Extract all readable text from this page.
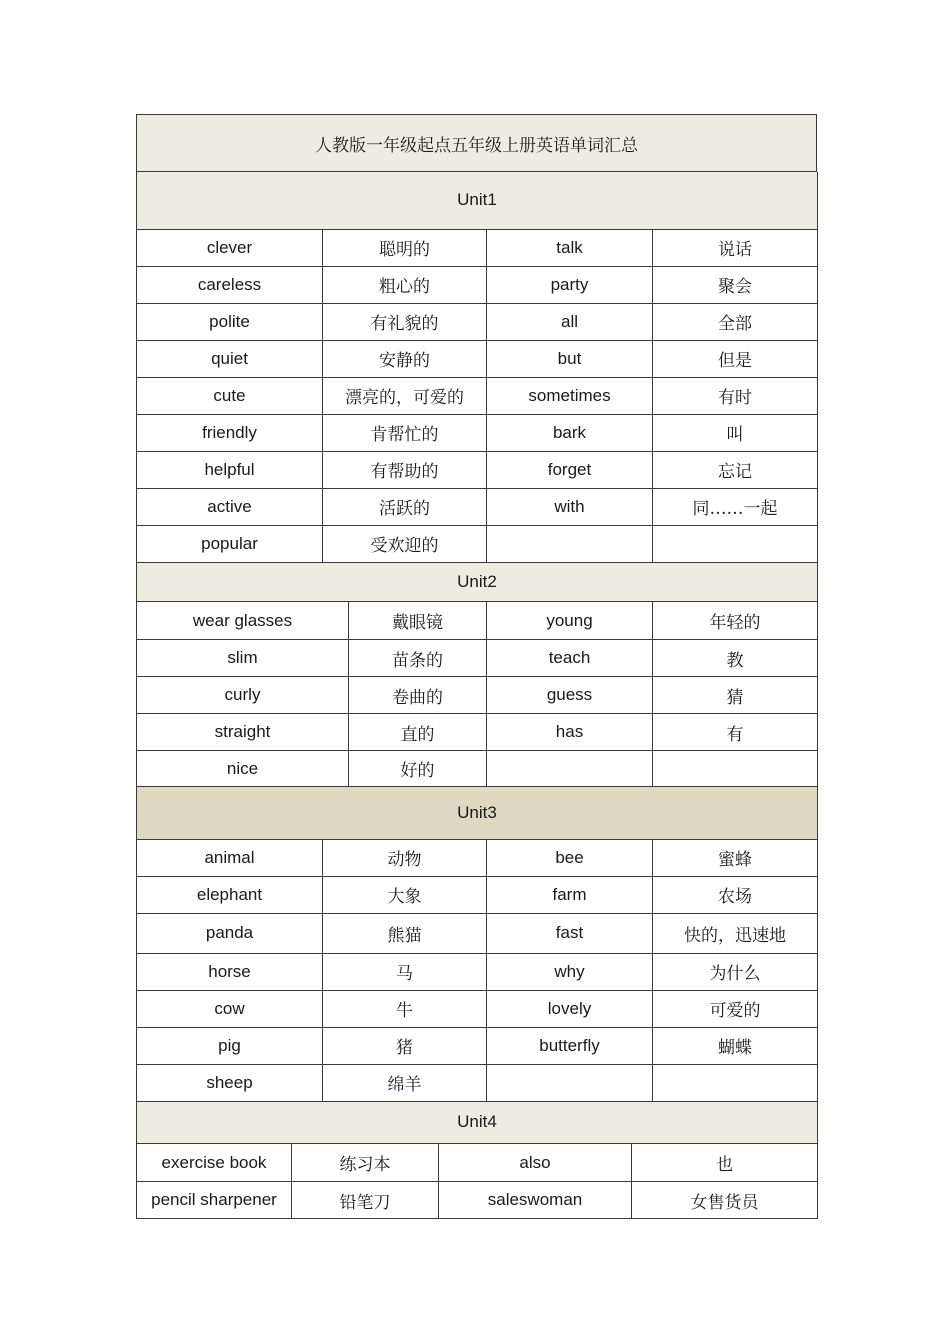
人教版一年级起点五年级上册英语单词汇总
Unit1			
clever	聪明的	talk	说话
careless	粗心的	party	聚会
polite	有礼貌的	all	全部
quiet	安静的	but	但是
cute	漂亮的，可爱的	sometimes	有时
friendly	肯帮忙的	bark	叫
helpful	有帮助的	forget	忘记
active	活跃的	with	同……一起
popular	受欢迎的		
Unit2			
wear glasses	戴眼镜	young	年轻的
slim	苗条的	teach	教
curly	卷曲的	guess	猜
straight	直的	has	有
nice	好的		
Unit3			
animal	动物	bee	蜜蜂
elephant	大象	farm	农场
panda	熊猫	fast	快的，迅速地
horse	马	why	为什么
cow	牛	lovely	可爱的
pig	猪	butterfly	蝴蝶
sheep	绵羊		
Unit4			
exercise book	练习本	also	也
pencil sharpener	铅笔刀	saleswoman	女售货员
